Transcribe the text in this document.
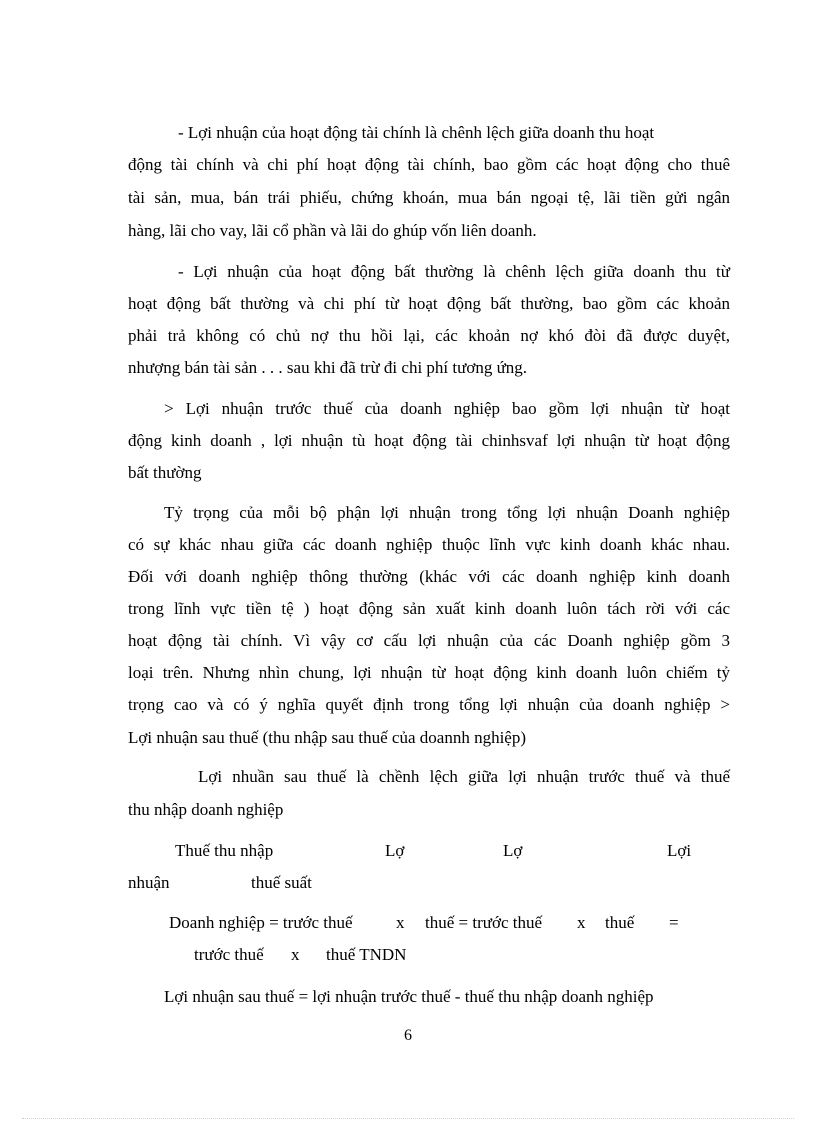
- Lợi nhuận của hoạt động tài chính là chênh lệch giữa doanh thu hoạt
động tài chính và chi phí hoạt động tài chính, bao gồm các hoạt động cho thuê
tài sản, mua, bán trái phiếu, chứng khoán, mua bán ngoại tệ, lãi tiền gửi ngân
hàng, lãi cho vay, lãi cổ phần và lãi do ghúp vốn liên doanh.
- Lợi nhuận của hoạt động bất thường là chênh lệch giữa doanh thu từ
hoạt động bất thường và chi phí từ hoạt động bất thường, bao gồm các khoản
phải trả không có chủ nợ thu hồi lại, các khoản nợ khó đòi đã được duyệt,
nhượng bán tài sản . . . sau khi đã trừ đi chi phí tương ứng.
> Lợi nhuận trước thuế của doanh nghiệp bao gồm lợi nhuận từ hoạt
động kinh doanh , lợi nhuận tù hoạt động tài chinhsvaf lợi nhuận từ hoạt động
bất thường
Tỷ trọng của mỗi bộ phận lợi nhuận trong tổng lợi nhuận Doanh nghiệp
có sự khác nhau giữa các doanh nghiệp thuộc lĩnh vực kinh doanh khác nhau.
Đối với doanh nghiệp thông thường (khác với các doanh nghiệp kinh doanh
trong lĩnh vực tiền tệ ) hoạt động sản xuất kinh doanh luôn tách rời với các
hoạt động tài chính. Vì vậy cơ cấu lợi nhuận của các Doanh nghiệp gồm 3
loại trên. Nhưng nhìn chung, lợi nhuận từ hoạt động kinh doanh luôn chiếm tỷ
trọng cao và có ý nghĩa quyết định trong tổng lợi nhuận của doanh nghiệp >
Lợi nhuận sau thuế (thu nhập sau thuế của doannh nghiệp)
Lợi nhuần sau thuế là chềnh lệch giữa lợi nhuận trước thuế và thuế
thu nhập doanh nghiệp
Thuế thu nhập	Lợ	Lợ	Lợi
nhuận	thuế suất
Doanh nghiệp = trước thuế	x thuế = trước thuế x thuế =
trước thuế x thuế TNDN
Lợi nhuận sau thuế = lợi nhuận trước thuế - thuế thu nhập doanh nghiệp
6
